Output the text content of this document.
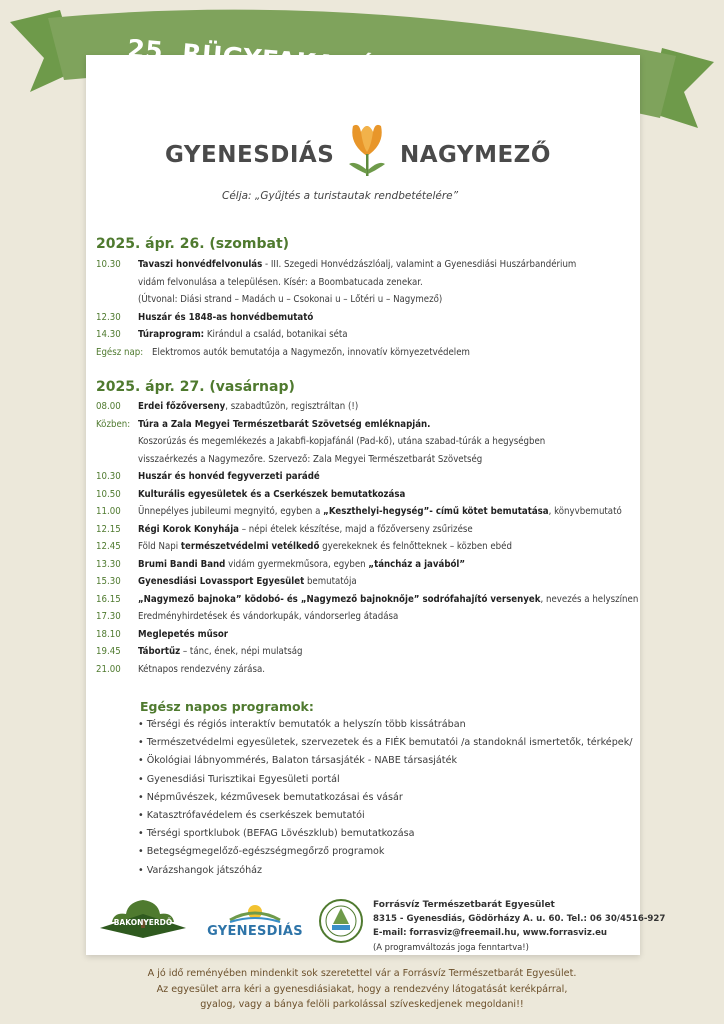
25. RÜGYFAKADÁS TAVASZÜNNEP
GYENESDIÁS	NAGYMEZŐ
Célja: „Gyűjtés a turistautak rendbetételére”
2025. ápr. 26. (szombat)
10.30 Tavaszi honvédfelvonulás - III. Szegedi Honvédzászlóalj, valamint a Gyenesdiási Huszárbandérium
vidám felvonulása a településen. Kísér: a Boombatucada zenekar.
(Útvonal: Diási strand – Madách u – Csokonai u – Lőtéri u – Nagymező)
12.30 Huszár és 1848-as honvédbemutató
14.30 Túraprogram: Kirándul a család, botanikai séta
Egész nap: Elektromos autók bemutatója a Nagymezőn, innovatív környezetvédelem
2025. ápr. 27. (vasárnap)
08.00 Erdei főzőverseny, szabadtűzön, regisztráltan (!)
Közben: Túra a Zala Megyei Természetbarát Szövetség emléknapján.
Koszorúzás és megemlékezés a Jakabfi-kopjafánál (Pad-kő), utána szabad-túrák a hegységben
visszaérkezés a Nagymezőre. Szervező: Zala Megyei Természetbarát Szövetség
10.30 Huszár és honvéd fegyverzeti parádé
10.50 Kulturális egyesületek és a Cserkészek bemutatkozása
11.00 Ünnepélyes jubileumi megnyitó, egyben a „Keszthelyi-hegység”- című kötet bemutatása, könyvbemutató
12.15 Régi Korok Konyhája – népi ételek készítése, majd a főzőverseny zsűrizése
12.45 Föld Napi természetvédelmi vetélkedő gyerekeknek és felnőtteknek – közben ebéd
13.30 Brumi Bandi Band vidám gyermekműsora, egyben „táncház a javából”
15.30 Gyenesdiási Lovassport Egyesület bemutatója
16.15 „Nagymező bajnoka” ködobó- és „Nagymező bajnoknője” sodrófahajító versenyek, nevezés a helyszínen
17.30 Eredményhirdetések és vándorkupák, vándorserleg átadása
18.10 Meglepetés műsor
19.45 Tábortűz – tánc, ének, népi mulatság
21.00 Kétnapos rendezvény zárása.
Egész napos programok:
• Térségi és régiós interaktív bemutatók a helyszín több kissátrában
• Természetvédelmi egyesületek, szervezetek és a FIÉK bemutatói /a standoknál ismertetők, térképek/
• Ökológiai lábnyommérés, Balaton társasjáték - NABE társasjáték
• Gyenesdiási Turisztikai Egyesületi portál
• Népművészek, kézművesek bemutatkozásai és vásár
• Katasztrófavédelem és cserkészek bemutatói
• Térségi sportklubok (BEFAG Lövészklub) bemutatkozása
• Betegségmegelőző-egészségmegőrző programok
• Varázshangok játszóház
BAKONYERDŐ
GYENESDIÁS
Forrásvíz Természetbarát Egyesület
8315 - Gyenesdiás, Gödörházy A. u. 60. Tel.: 06 30/4516-927
E-mail: forrasviz@freemail.hu, www.forrasviz.eu
(A programváltozás joga fenntartva!)
A jó idő reményében mindenkit sok szeretettel vár a Forrásvíz Természetbarát Egyesület.
Az egyesület arra kéri a gyenesdiásiakat, hogy a rendezvény látogatását kerékpárral,
gyalog, vagy a bánya felöli parkolással szíveskedjenek megoldani!!
